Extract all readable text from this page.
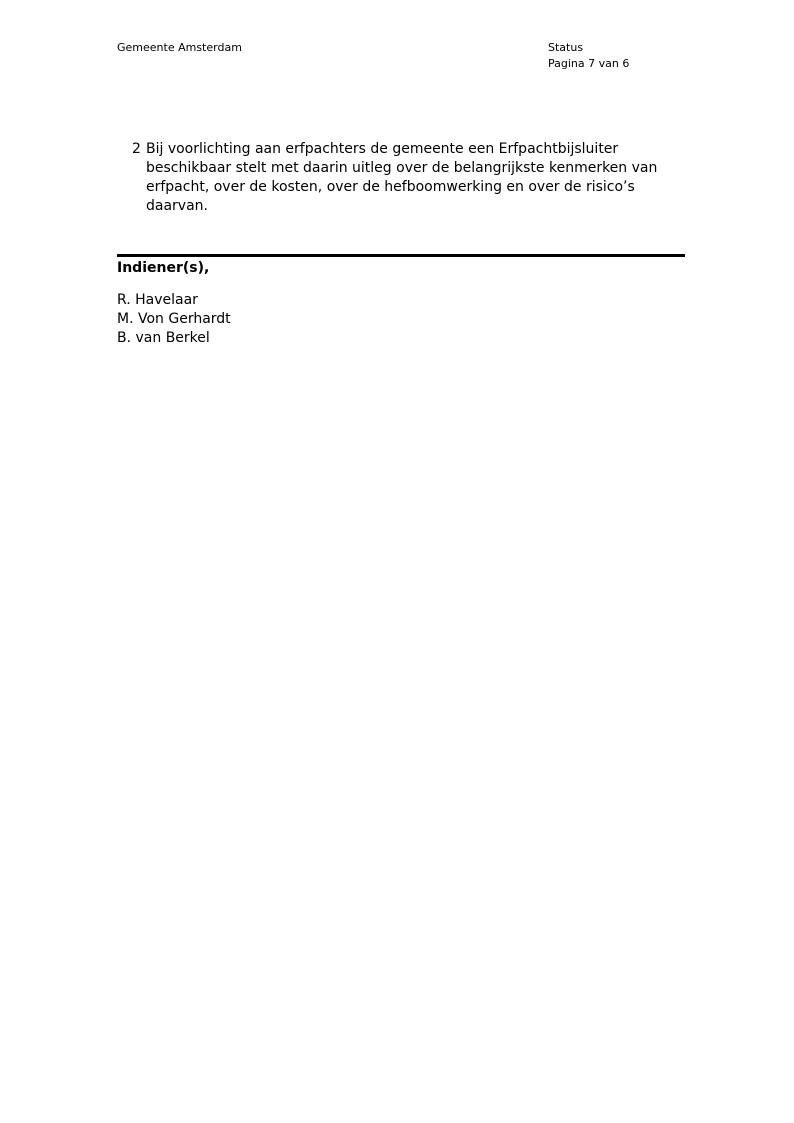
Gemeente Amsterdam	Status
Pagina 7 van 6
2 Bij voorlichting aan erfpachters de gemeente een Erfpachtbijsluiter beschikbaar stelt met daarin uitleg over de belangrijkste kenmerken van erfpacht, over de kosten, over de hefboomwerking en over de risico’s daarvan.
Indiener(s),
R. Havelaar
M. Von Gerhardt
B. van Berkel
